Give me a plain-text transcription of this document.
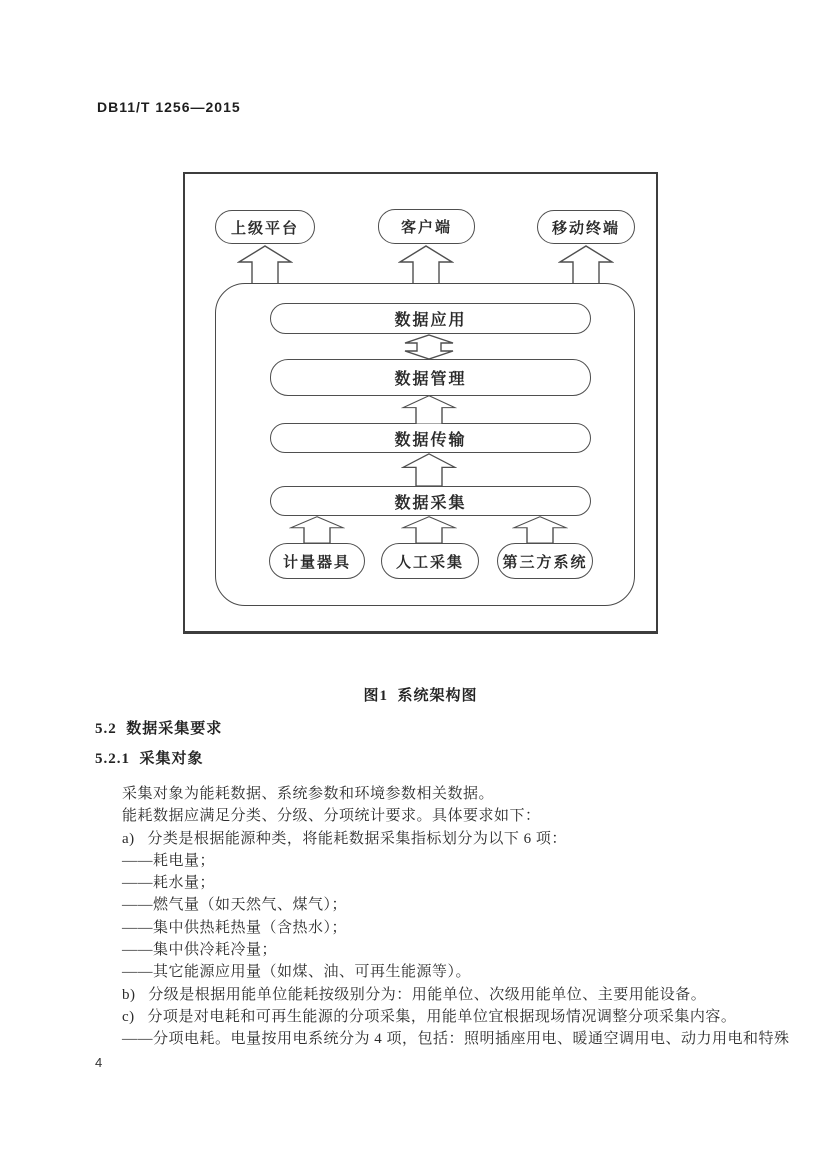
DB11/T 1256—2015
上级平台	客户端	移动终端
数据应用
数据管理
数据传输
数据采集
计量器具	人工采集	第三方系统
图1  系统架构图
5.2  数据采集要求
5.2.1  采集对象
采集对象为能耗数据、系统参数和环境参数相关数据。
能耗数据应满足分类、分级、分项统计要求。具体要求如下：
a)   分类是根据能源种类，将能耗数据采集指标划分为以下 6 项：
——耗电量；
——耗水量；
——燃气量（如天然气、煤气）；
——集中供热耗热量（含热水）；
——集中供冷耗冷量；
——其它能源应用量（如煤、油、可再生能源等）。
b)   分级是根据用能单位能耗按级别分为：用能单位、次级用能单位、主要用能设备。
c)   分项是对电耗和可再生能源的分项采集，用能单位宜根据现场情况调整分项采集内容。
——分项电耗。电量按用电系统分为 4 项，包括：照明插座用电、暖通空调用电、动力用电和特殊
4
